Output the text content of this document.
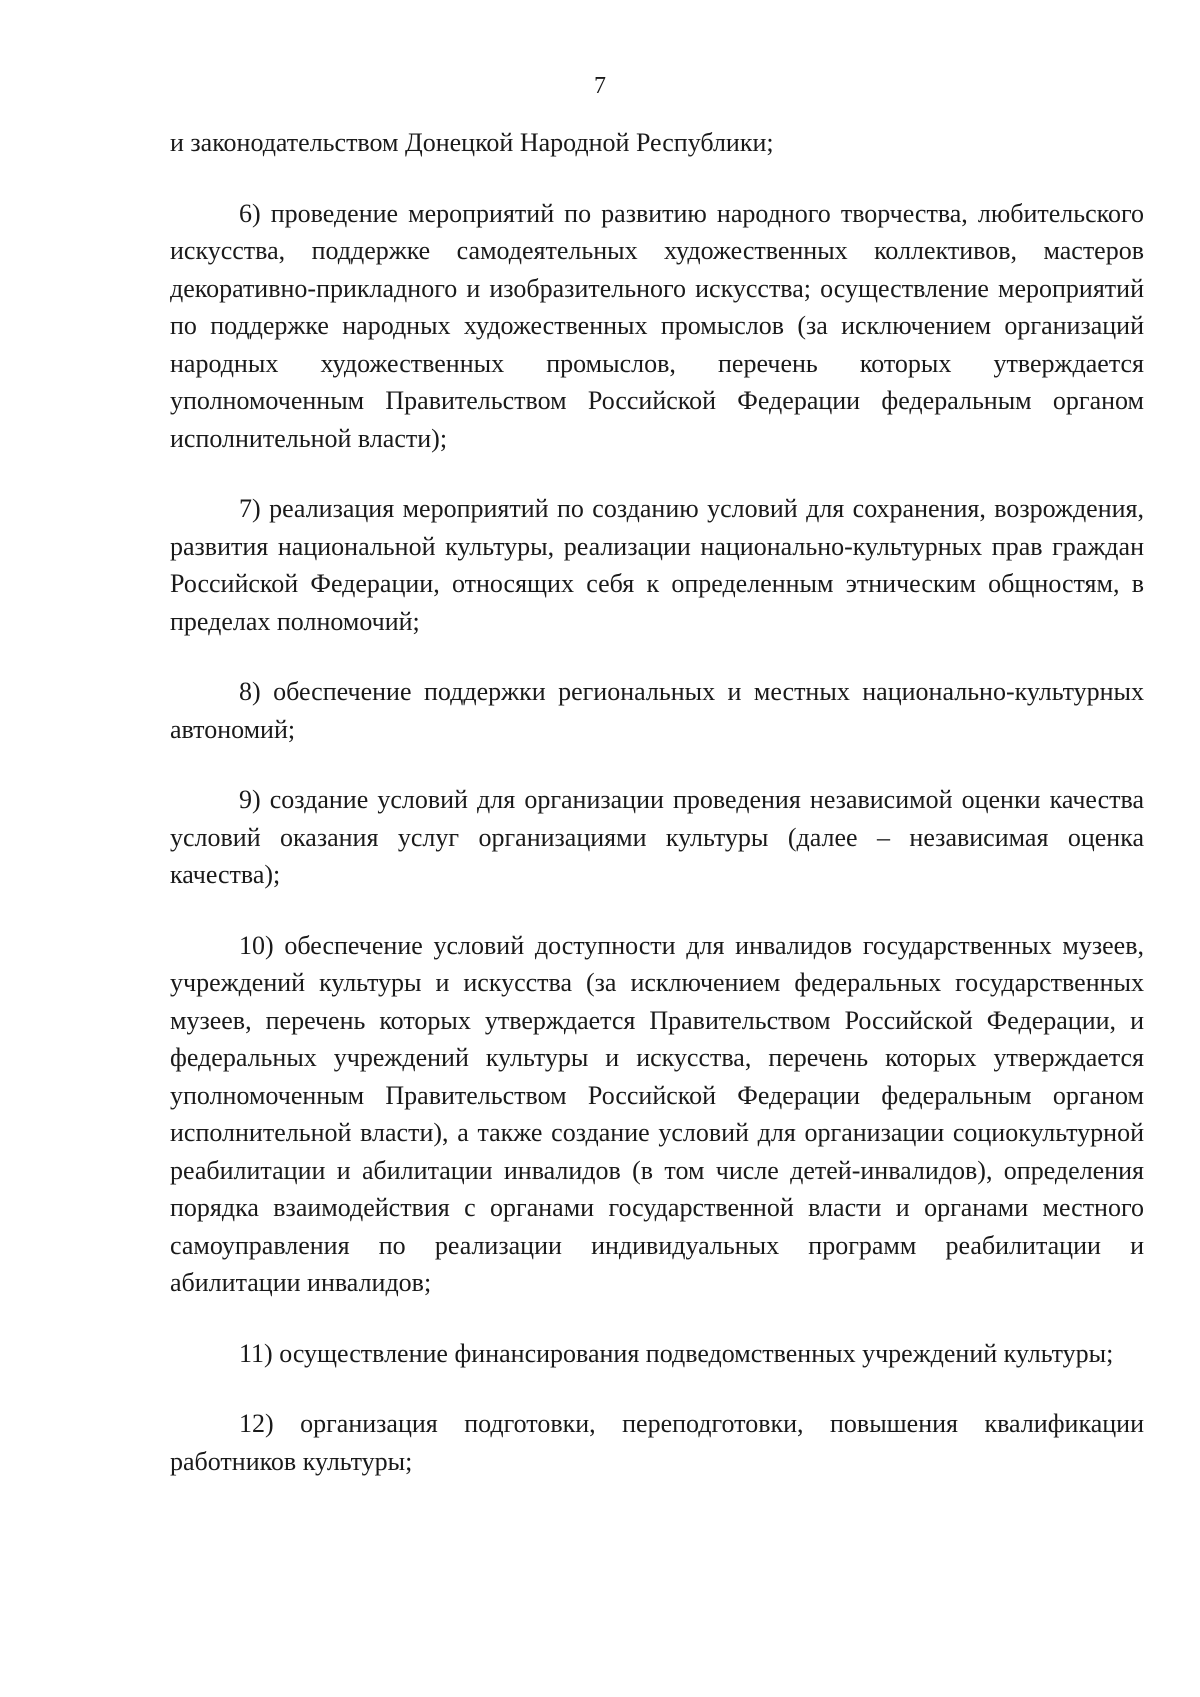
7

и законодательством Донецкой Народной Республики;

6) проведение мероприятий по развитию народного творчества, любительского искусства, поддержке самодеятельных художественных коллективов, мастеров декоративно-прикладного и изобразительного искусства; осуществление мероприятий по поддержке народных художественных промыслов (за исключением организаций народных художественных промыслов, перечень которых утверждается уполномоченным Правительством Российской Федерации федеральным органом исполнительной власти);

7) реализация мероприятий по созданию условий для сохранения, возрождения, развития национальной культуры, реализации национально-культурных прав граждан Российской Федерации, относящих себя к определенным этническим общностям, в пределах полномочий;

8) обеспечение поддержки региональных и местных национально-культурных автономий;

9) создание условий для организации проведения независимой оценки качества условий оказания услуг организациями культуры (далее – независимая оценка качества);

10) обеспечение условий доступности для инвалидов государственных музеев, учреждений культуры и искусства (за исключением федеральных государственных музеев, перечень которых утверждается Правительством Российской Федерации, и федеральных учреждений культуры и искусства, перечень которых утверждается уполномоченным Правительством Российской Федерации федеральным органом исполнительной власти), а также создание условий для организации социокультурной реабилитации и абилитации инвалидов (в том числе детей-инвалидов), определения порядка взаимодействия с органами государственной власти и органами местного самоуправления по реализации индивидуальных программ реабилитации и абилитации инвалидов;

11) осуществление финансирования подведомственных учреждений культуры;

12) организация подготовки, переподготовки, повышения квалификации работников культуры;
